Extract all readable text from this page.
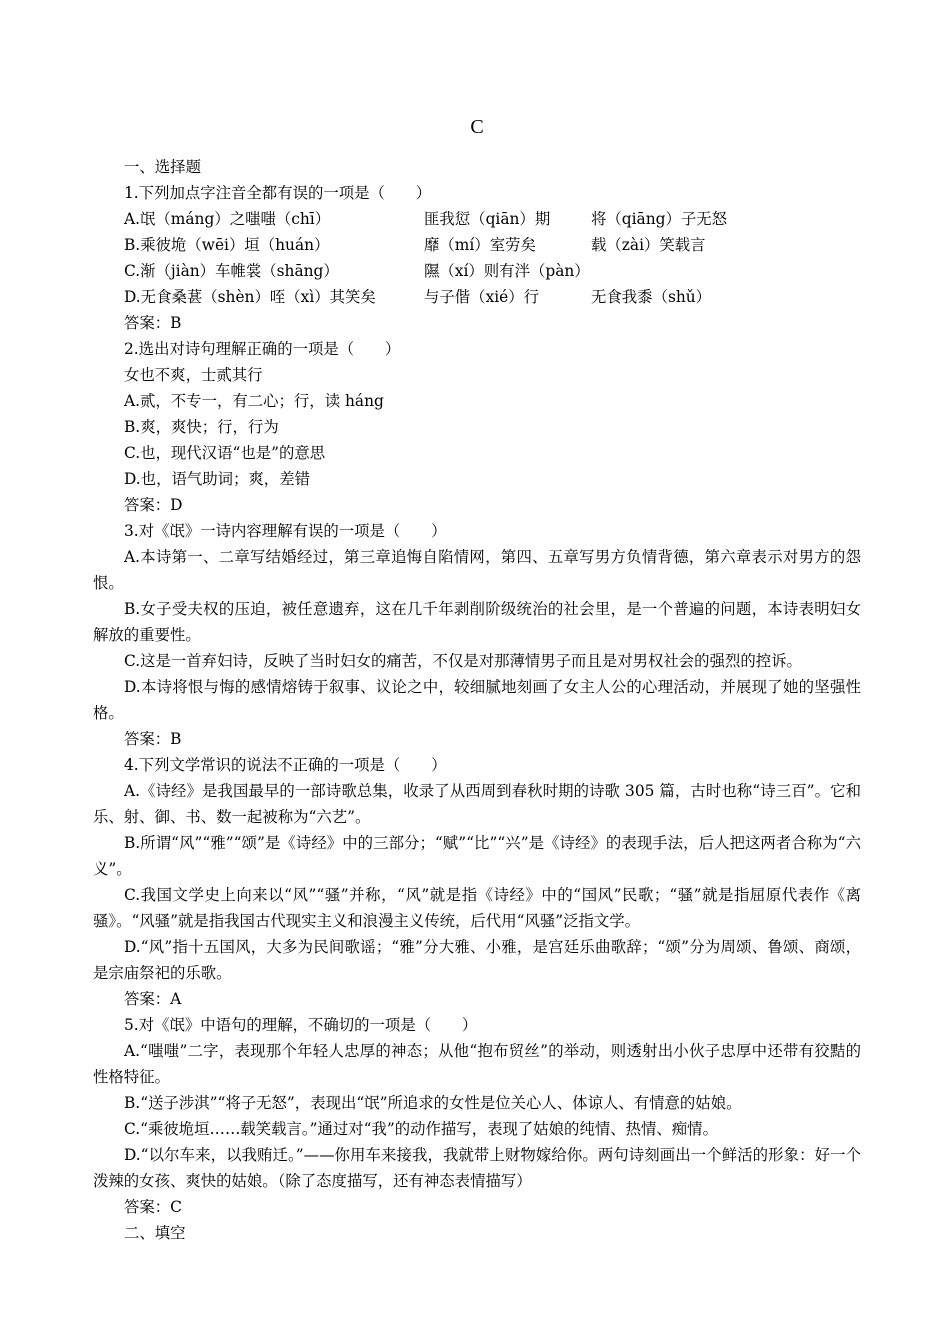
C
一、选择题
1.下列加点字注音全都有误的一项是（　　）
A.氓（máng）之嗤嗤（chī）	匪我愆（qiān）期	将（qiāng）子无怒
B.乘彼垝（wēi）垣（huán）	靡（mí）室劳矣	载（zài）笑载言
C.渐（jiàn）车帷裳（shāng）	隰（xí）则有泮（pàn）
D.无食桑葚（shèn）咥（xì）其笑矣	与子偕（xié）行	无食我黍（shǔ）
答案：B
2.选出对诗句理解正确的一项是（　　）
女也不爽，士贰其行
A.贰，不专一，有二心；行，读 háng
B.爽，爽快；行，行为
C.也，现代汉语“也是”的意思
D.也，语气助词；爽，差错
答案：D
3.对《氓》一诗内容理解有误的一项是（　　）
A.本诗第一、二章写结婚经过，第三章追悔自陷情网，第四、五章写男方负情背德，第六章表示对男方的怨恨。
B.女子受夫权的压迫，被任意遗弃，这在几千年剥削阶级统治的社会里，是一个普遍的问题，本诗表明妇女解放的重要性。
C.这是一首弃妇诗，反映了当时妇女的痛苦，不仅是对那薄情男子而且是对男权社会的强烈的控诉。
D.本诗将恨与悔的感情熔铸于叙事、议论之中，较细腻地刻画了女主人公的心理活动，并展现了她的坚强性格。
答案：B
4.下列文学常识的说法不正确的一项是（　　）
A.《诗经》是我国最早的一部诗歌总集，收录了从西周到春秋时期的诗歌 305 篇，古时也称“诗三百”。它和乐、射、御、书、数一起被称为“六艺”。
B.所谓“风”“雅”“颂”是《诗经》中的三部分；“赋”“比”“兴”是《诗经》的表现手法，后人把这两者合称为“六义”。
C.我国文学史上向来以“风”“骚”并称，“风”就是指《诗经》中的“国风”民歌；“骚”就是指屈原代表作《离骚》。“风骚”就是指我国古代现实主义和浪漫主义传统，后代用“风骚”泛指文学。
D.“风”指十五国风，大多为民间歌谣；“雅”分大雅、小雅，是宫廷乐曲歌辞；“颂”分为周颂、鲁颂、商颂，是宗庙祭祀的乐歌。
答案：A
5.对《氓》中语句的理解，不确切的一项是（　　）
A.“嗤嗤”二字，表现那个年轻人忠厚的神态；从他“抱布贸丝”的举动，则透射出小伙子忠厚中还带有狡黠的性格特征。
B.“送子涉淇”“将子无怒”，表现出“氓”所追求的女性是位关心人、体谅人、有情意的姑娘。
C.“乘彼垝垣……载笑载言。”通过对“我”的动作描写，表现了姑娘的纯情、热情、痴情。
D.“以尔车来，以我贿迁。”——你用车来接我，我就带上财物嫁给你。两句诗刻画出一个鲜活的形象：好一个泼辣的女孩、爽快的姑娘。（除了态度描写，还有神态表情描写）
答案：C
二、填空
